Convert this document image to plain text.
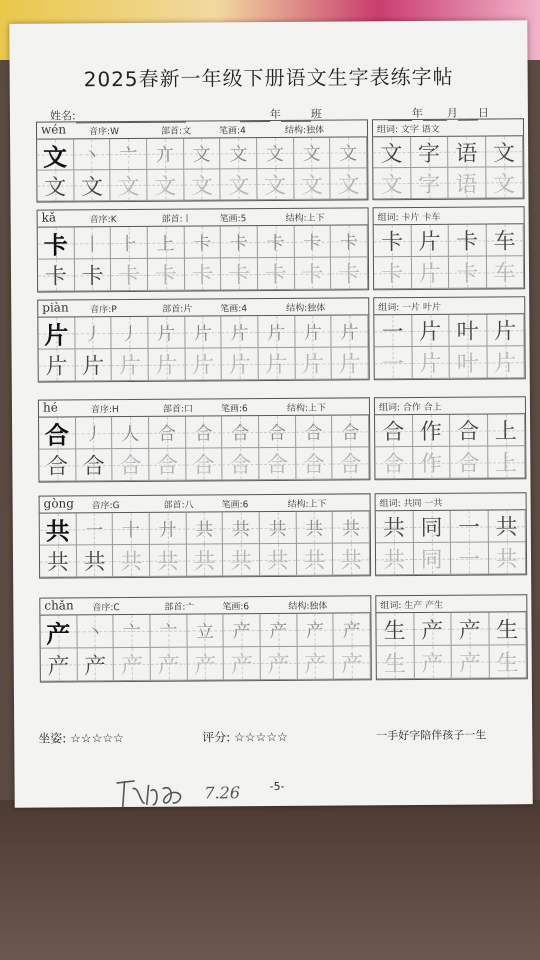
2025春新一年级下册语文生字表练字帖
姓名:	年	班	年 月 日
wén	音序:W	部首:文	笔画:4	结构:独体
文 丶 亠 亣 文 文 文 文 文
文 文 文 文 文 文 文 文 文
组词: 文字 语文
文 字 语 文
文 字 语 文
kǎ	音序:K	部首:丨	笔画:5	结构:上下
卡 丨 ⺊ 上 卡 卡 卡 卡 卡
卡 卡 卡 卡 卡 卡 卡 卡 卡
组词: 卡片 卡车
卡 片 卡 车
卡 片 卡 车
piàn 音序:P	部首:片	笔画:4	结构:独体
片 丿 丿 片 片 片 片 片 片
片 片 片 片 片 片 片 片 片
组词: 一片 叶片
一 片 叶 片
一 片 叶 片
hé	音序:H	部首:口	笔画:6	结构:上下
合 丿 人 合 合 合 合 合 合
合 合 合 合 合 合 合 合 合
组词: 合作 合上
合 作 合 上
合 作 合 上
gòng 音序:G	部首:八	笔画:6	结构:上下
共 一 十 廾 共 共 共 共 共
共 共 共 共 共 共 共 共 共
组词: 共同 一共
共 同 一 共
共 同 一 共
chǎn 音序:C	部首:亠	笔画:6	结构:独体
产 丶 亠 亠 立 产 产 产 产
产 产 产 产 产 产 产 产 产
组词: 生产 产生
生 产 产 生
生 产 产 生
坐姿: ☆☆☆☆☆	评分: ☆☆☆☆☆	一手好字陪伴孩子一生
7.26	-5-
